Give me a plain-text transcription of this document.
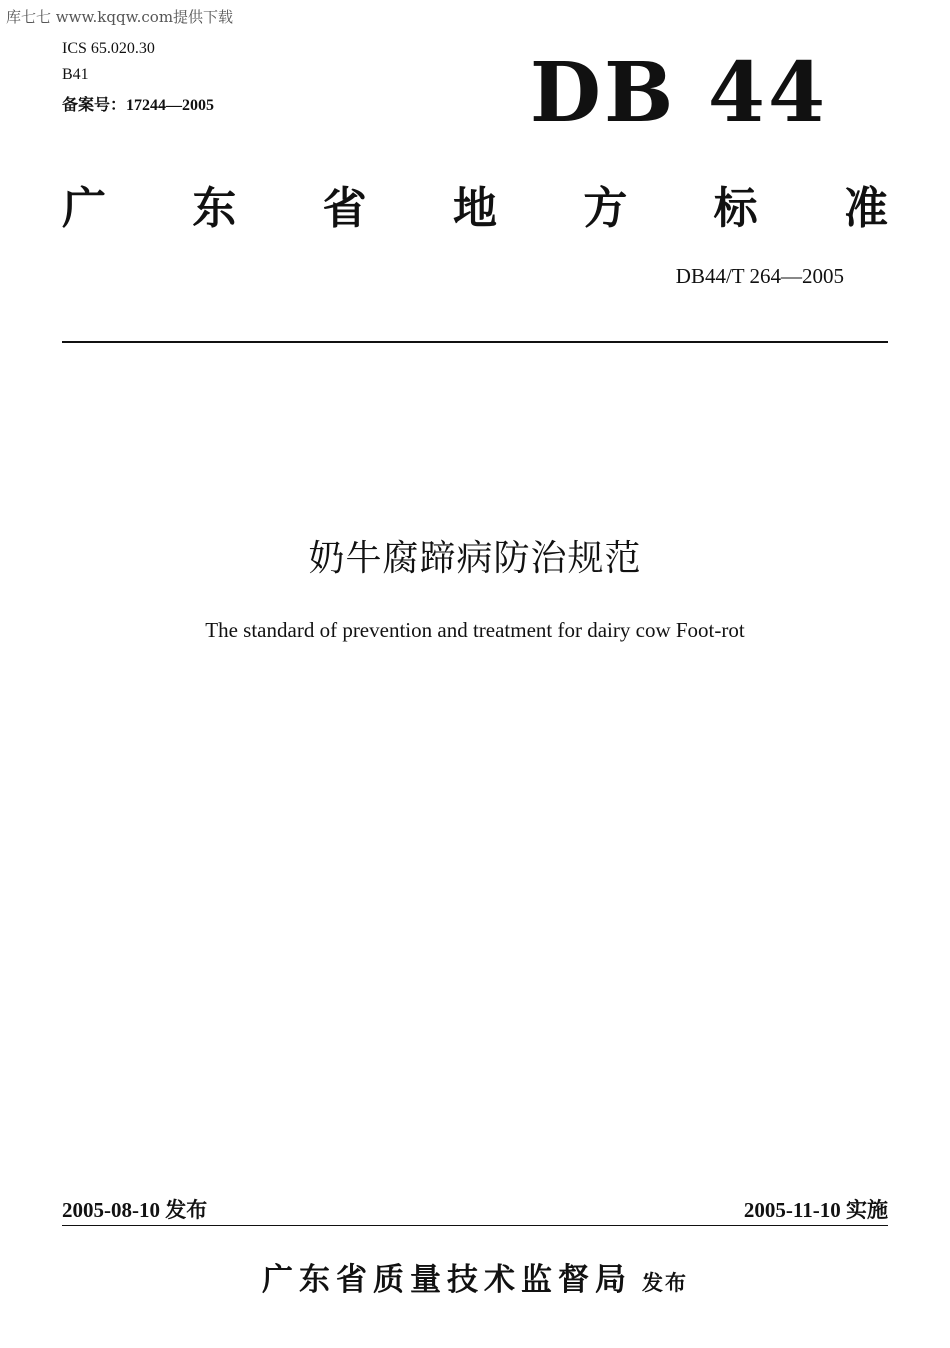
库七七 www.kqqw.com提供下载
ICS 65.020.30
B41
备案号：17244—2005	DB 44
广 东 省 地 方 标 准
DB44/T 264—2005
奶牛腐蹄病防治规范
The standard of prevention and treatment for dairy cow Foot-rot
2005-08-10 发布	2005-11-10 实施
广东省质量技术监督局 发布
